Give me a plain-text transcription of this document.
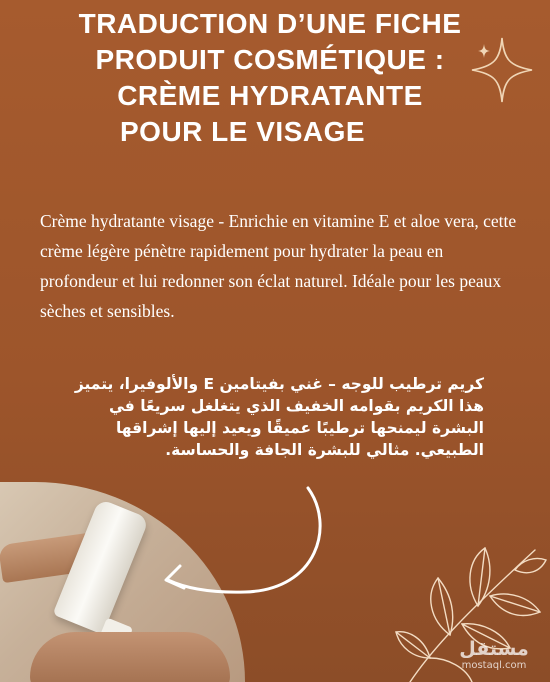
TRADUCTION D’UNE FICHE
PRODUIT COSMÉTIQUE :
CRÈME HYDRATANTE
POUR LE VISAGE
Crème hydratante visage - Enrichie en vitamine E et aloe vera, cette crème légère pénètre rapidement pour hydrater la peau en profondeur et lui redonner son éclat naturel. Idéale pour les peaux sèches et sensibles.
كريم ترطيب للوجه – غني بفيتامين E والألوفيرا، يتميز هذا الكريم بقوامه الخفيف الذي يتغلغل سريعًا في البشرة ليمنحها ترطيبًا عميقًا ويعيد إليها إشراقها الطبيعي. مثالي للبشرة الجافة والحساسة.
مستقل
mostaql.com
